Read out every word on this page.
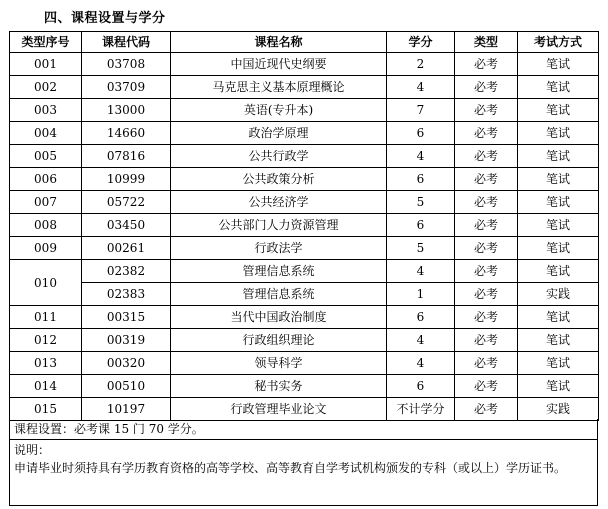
四、课程设置与学分
类型序号	课程代码	课程名称	学分	类型	考试方式
001	03708	中国近现代史纲要	2	必考	笔试
002	03709	马克思主义基本原理概论	4	必考	笔试
003	13000	英语(专升本)	7	必考	笔试
004	14660	政治学原理	6	必考	笔试
005	07816	公共行政学	4	必考	笔试
006	10999	公共政策分析	6	必考	笔试
007	05722	公共经济学	5	必考	笔试
008	03450	公共部门人力资源管理	6	必考	笔试
009	00261	行政法学	5	必考	笔试
010	02382	管理信息系统	4	必考	笔试
	02383	管理信息系统	1	必考	实践
011	00315	当代中国政治制度	6	必考	笔试
012	00319	行政组织理论	4	必考	笔试
013	00320	领导科学	4	必考	笔试
014	00510	秘书实务	6	必考	笔试
015	10197	行政管理毕业论文	不计学分	必考	实践
课程设置：必考课 15 门 70 学分。
说明：
申请毕业时须持具有学历教育资格的高等学校、高等教育自学考试机构颁发的专科（或以上）学历证书。
